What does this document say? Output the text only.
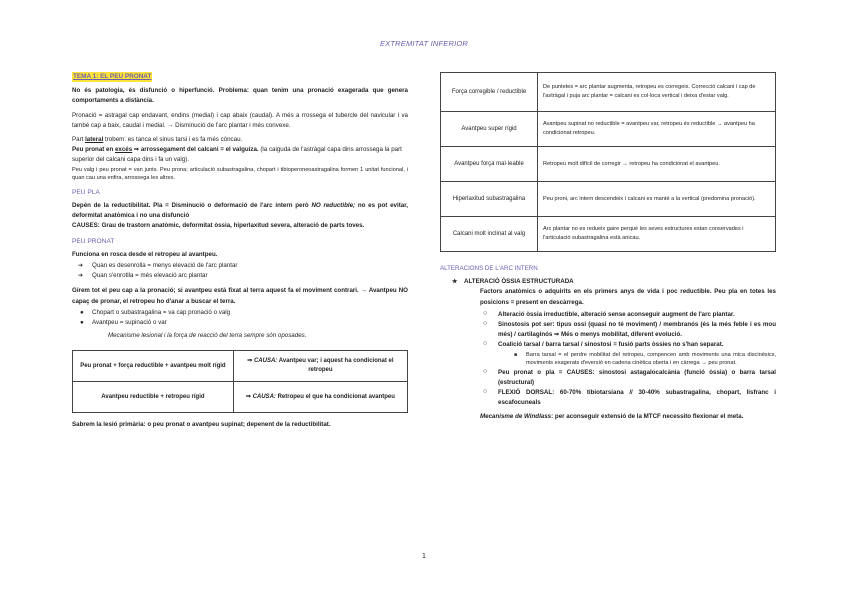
EXTREMITAT INFERIOR
TEMA 1: EL PEU PRONAT

No és patologia, és disfunció o hiperfunció. Problema: quan tenim una pronació exagerada que genera comportaments a distància.

Pronació = astragal cap endavant, endins (medial) i cap abaix (caudal). A més a rrossega el tubercle del navicular i va també cap a baix, caudal i medial. → Disminució de l'arc plantar i més convexe.

Part lateral trobem: es tanca el sinus tarsi i es fa més còncau.

Peu pronat en excés ⇒ arrossegament del calcani = el valguiza. (la caiguda de l'astràgal capa dins arrossega la part superior del calcani capa dins i fa un valg).

Peu valg i peu pronat = van junts. Peu prona; articulació subastragalina, chopart i tibioperoneoastragalina formen 1 unitat funcional, i quan cau una enfira, arrossega les altres.

PEU PLA

Depèn de la reductibilitat. Pla = Disminució o deformació de l'arc intern però NO reductible; no es pot evitar, deformitat anatòmica i no una disfunció

CAUSES: Grau de trastorn anatòmic, deformitat òssia, hiperlaxitud severa, alteració de parts toves.

PEU PRONAT

Funciona en rosca desde el retropeu al avantpeu.

➔ Quan es desenrolla = menys elevació de l'arc plantar
➔ Quan s'enrotlla = més elevació arc plantar

Girem tot el peu cap a la pronació; si avantpeu està fixat al terra aquest fa el moviment contrari. → Avantpeu NO capaç de pronar, el retropeu ho d'anar a buscar el terra.

● Chopart o subastragalina = va cap pronació o valg
● Avantpeu = supinació o var

Mecanisme lesional i la força de reacció del terra sempre són oposades.

Peu pronat + força reductible + avantpeu molt rígid	⇒ CAUSA: Avantpeu var; i aquest ha condicionat el retropeu
Avantpeu reductible + retropeu rígid	⇒ CAUSA: Retropeu el que ha condicionat avantpeu

Sabrem la lesió primària: o peu pronat o avantpeu supinat; depenent de la reductibilitat.

Força corregible / reductible	De puntetes = arc plantar augmenta, retropeu es corregeix. Correcció calcani i cap de l'astràgal i puja arc plantar = calcani es col·loca vertical i deixa d'estar valg.
Avantpeu super rígid	Avantpeu supinat no reductible = avantpeu var, retropeu és reductible → avantpeu ha condicionat retropeu.
Avantpeu força mal·leable	Retropeu molt difícil de corregir → retropeu ha condicionat el avantpeu.
Hiperlaxitud subastragalina	Peu proni, arc intern descendeix i calcani es manté a la vertical (predomina pronació).
Calcani molt inclinat al valg	Arc plantar no es redueix gaire perquè les seves estructures estan conservades i l'articulació subastragalina està anicau.
ALTERACIONS DE L'ARC INTERN
★ ALTERACIÓ ÒSSIA ESTRUCTURADA

Factors anatòmics o adquirits en els primers anys de vida i poc reductible. Peu pla en totes les posicions = present en descàrrega.

○ Alteració òssia irreductible, alteració sense aconseguir augment de l'arc plantar.
○ Sinostosis pot ser: tipus ossi (quasi no té moviment) / membranós (és la més feble i es mou més) / cartilaginós ⇒ Més o menys mobilitat, diferent evolució.
○ Coalició tarsal / barra tarsal / sinostosi = fusió parts òssies no s'han separat.
■ Barra tarsal = el perdre mobilitat del retropeu, compencen amb moviments una mica discinèsics, moviments exagerats d'eversió en cadena cinètica oberta i en càrrega → peu pronat.
○ Peu pronat o pla = CAUSES: sinostosi astagalocalcània (funció òssia) o barra tarsal (estructural)
○ FLEXIÓ DORSAL: 60-70% tibiotarsiana // 30-40% subastragalina, chopart, lisfranc i escafocuneals

Mecanisme de Windlass: per aconseguir extensió de la MTCF necessito flexionar el meta.

1
